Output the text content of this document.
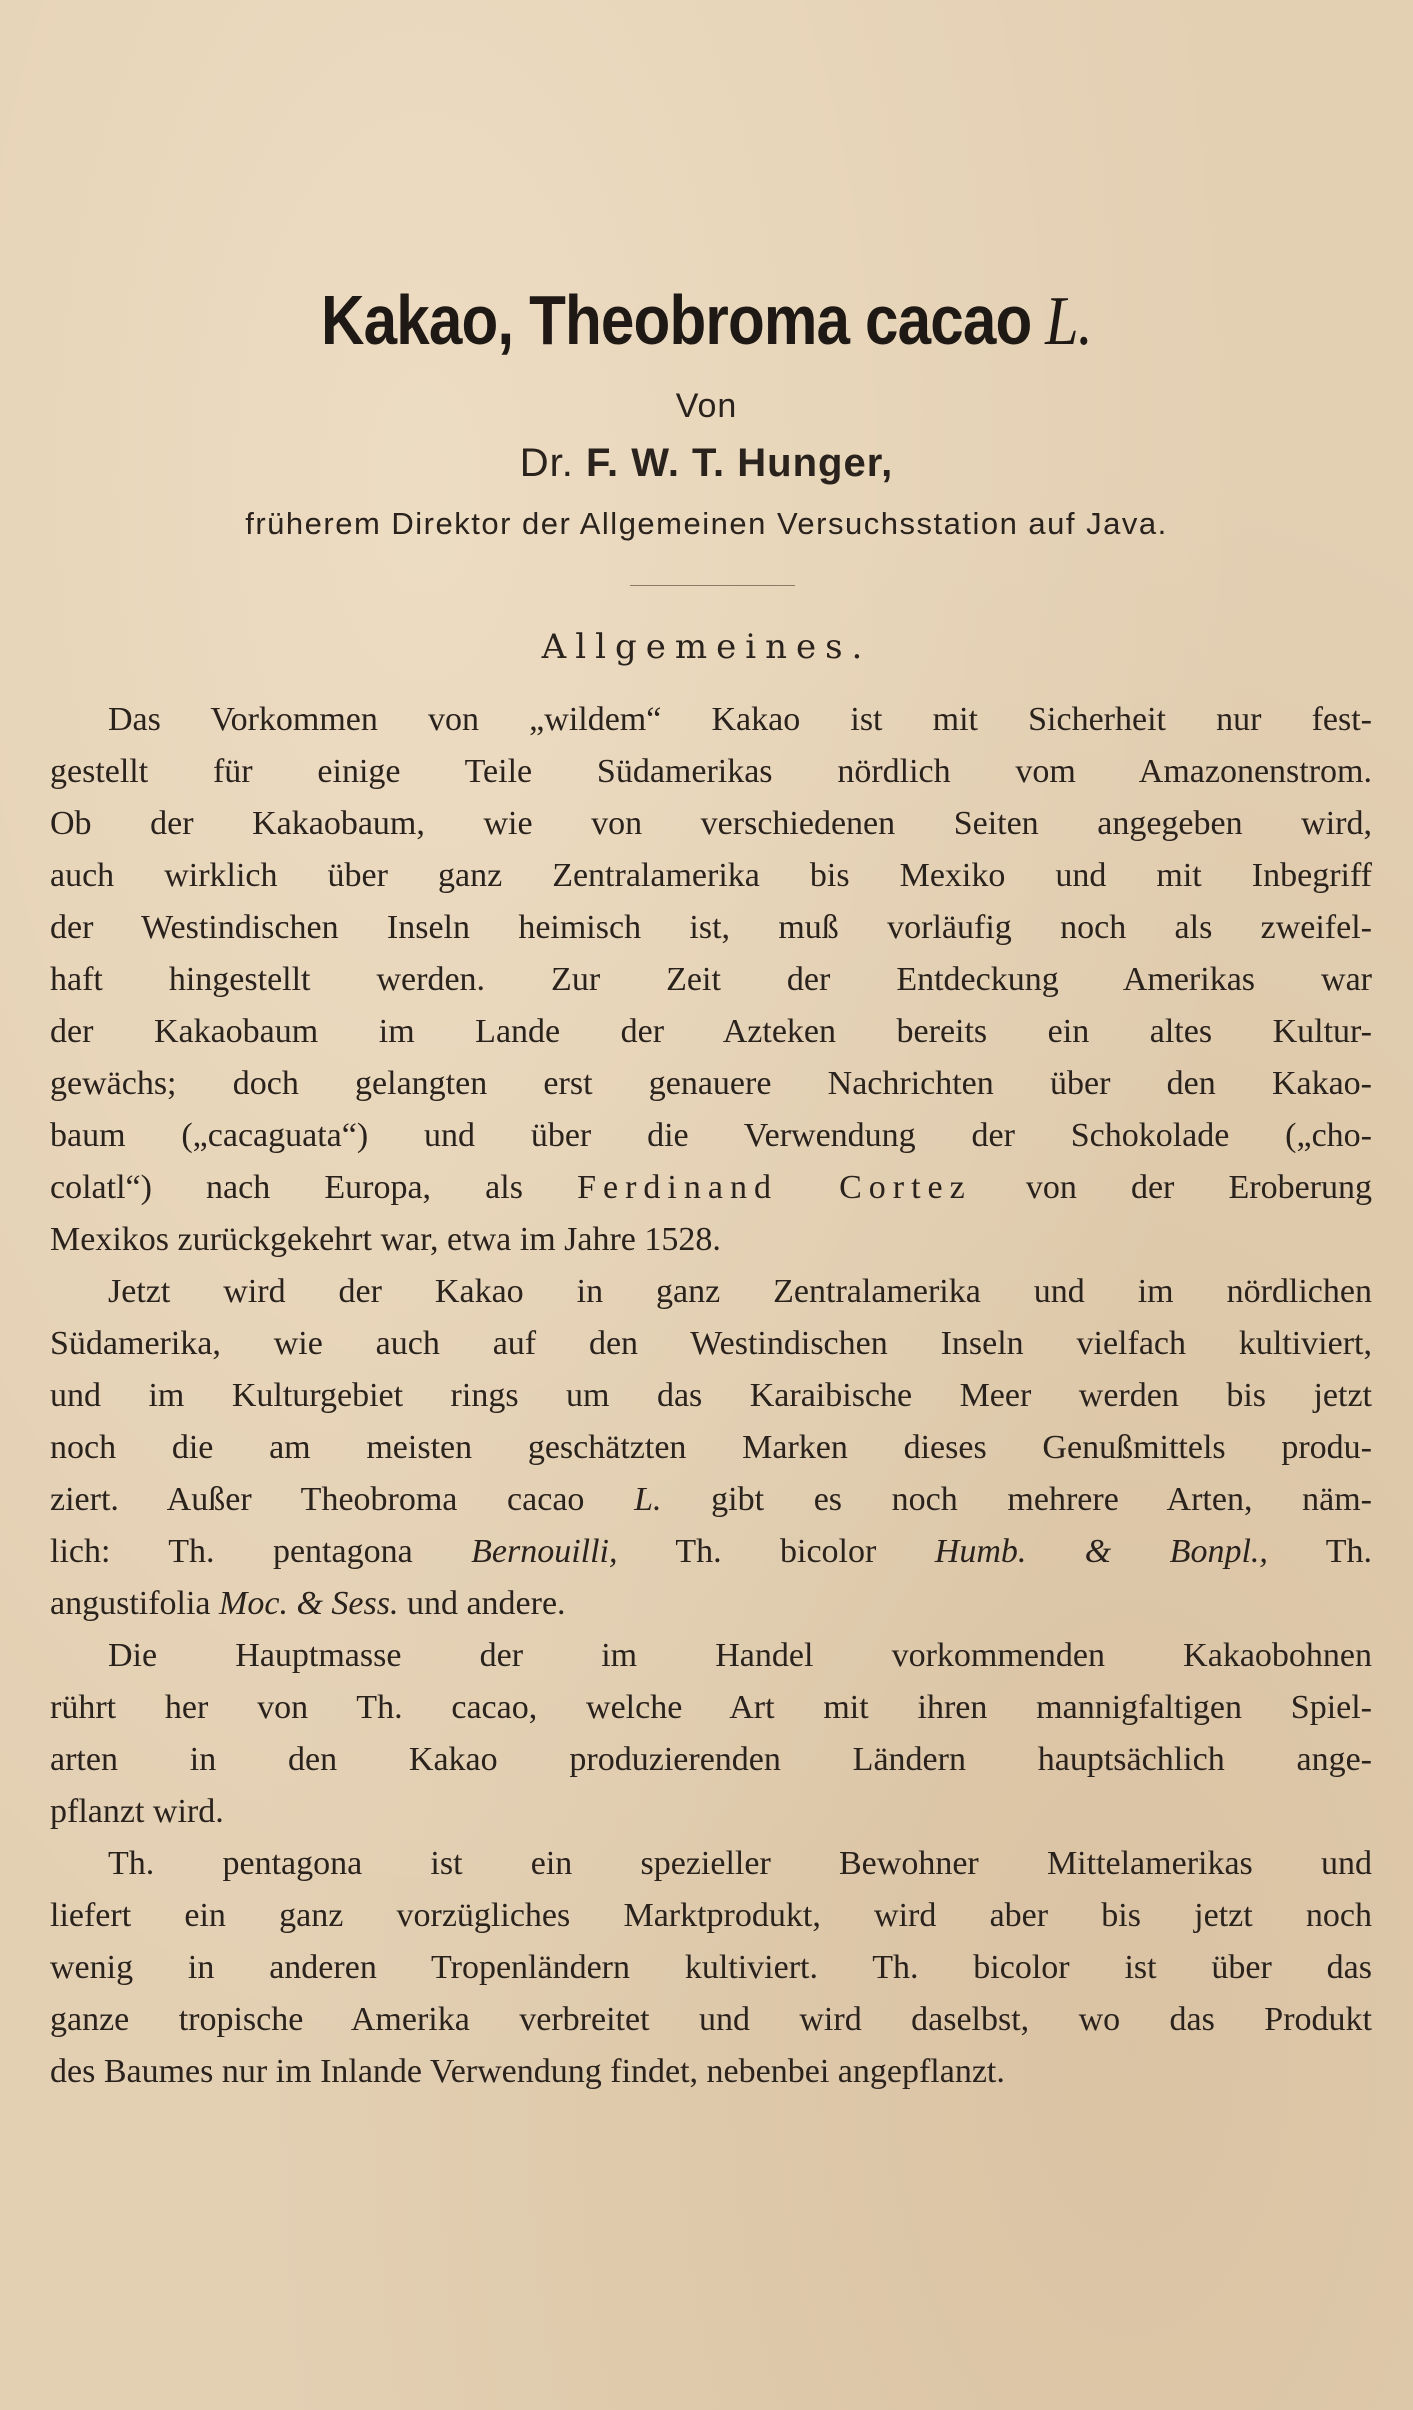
Kakao, Theobroma cacao L.
Von
Dr. F. W. T. Hunger,
früherem Direktor der Allgemeinen Versuchsstation auf Java.
Allgemeines.
Das Vorkommen von „wildem“ Kakao ist mit Sicherheit nur fest-
gestellt für einige Teile Südamerikas nördlich vom Amazonenstrom.
Ob der Kakaobaum, wie von verschiedenen Seiten angegeben wird,
auch wirklich über ganz Zentralamerika bis Mexiko und mit Inbegriff
der Westindischen Inseln heimisch ist, muß vorläufig noch als zweifel-
haft hingestellt werden. Zur Zeit der Entdeckung Amerikas war
der Kakaobaum im Lande der Azteken bereits ein altes Kultur-
gewächs; doch gelangten erst genauere Nachrichten über den Kakao-
baum („cacaguata“) und über die Verwendung der Schokolade („cho-
colatl“) nach Europa, als Ferdinand Cortez von der Eroberung
Mexikos zurückgekehrt war, etwa im Jahre 1528.
Jetzt wird der Kakao in ganz Zentralamerika und im nördlichen
Südamerika, wie auch auf den Westindischen Inseln vielfach kultiviert,
und im Kulturgebiet rings um das Karaibische Meer werden bis jetzt
noch die am meisten geschätzten Marken dieses Genußmittels produ-
ziert. Außer Theobroma cacao L. gibt es noch mehrere Arten, näm-
lich: Th. pentagona Bernouilli, Th. bicolor Humb. & Bonpl., Th.
angustifolia Moc. & Sess. und andere.
Die Hauptmasse der im Handel vorkommenden Kakaobohnen
rührt her von Th. cacao, welche Art mit ihren mannigfaltigen Spiel-
arten in den Kakao produzierenden Ländern hauptsächlich ange-
pflanzt wird.
Th. pentagona ist ein spezieller Bewohner Mittelamerikas und
liefert ein ganz vorzügliches Marktprodukt, wird aber bis jetzt noch
wenig in anderen Tropenländern kultiviert. Th. bicolor ist über das
ganze tropische Amerika verbreitet und wird daselbst, wo das Produkt
des Baumes nur im Inlande Verwendung findet, nebenbei angepflanzt.
